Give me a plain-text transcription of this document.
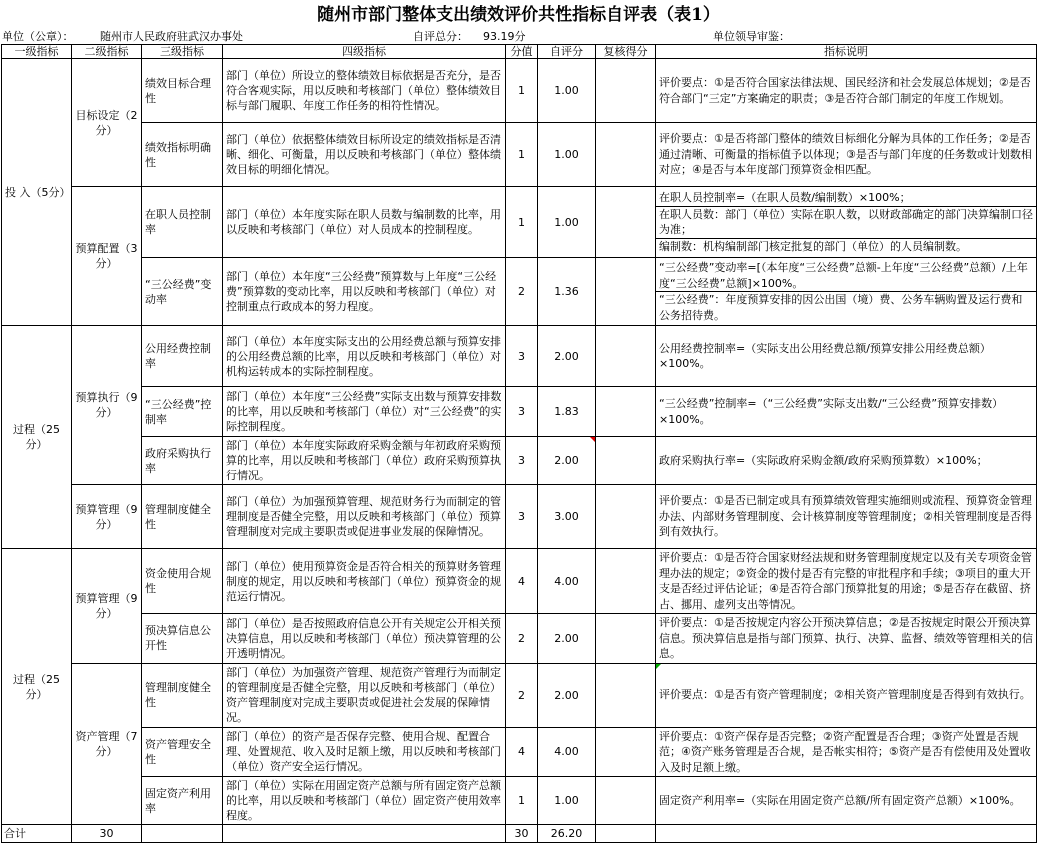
随州市部门整体支出绩效评价共性指标自评表（表1）
单位（公章）： 随州市人民政府驻武汉办事处	自评总分： 93.19分	单位领导审鉴：
一级指标	二级指标	三级指标	四级指标	分值	自评分	复核得分	指标说明
投 入（5分）	目标设定（2分）	绩效目标合理性	部门（单位）所设立的整体绩效目标依据是否充分，是否符合客观实际，用以反映和考核部门（单位）整体绩效目标与部门履职、年度工作任务的相符性情况。	1	1.00		评价要点：①是否符合国家法律法规、国民经济和社会发展总体规划；②是否符合部门“三定”方案确定的职责；③是否符合部门制定的年度工作规划。
		绩效指标明确性	部门（单位）依据整体绩效目标所设定的绩效指标是否清晰、细化、可衡量，用以反映和考核部门（单位）整体绩效目标的明细化情况。	1	1.00		评价要点：①是否将部门整体的绩效目标细化分解为具体的工作任务；②是否通过清晰、可衡量的指标值予以体现；③是否与部门年度的任务数或计划数相对应；④是否与本年度部门预算资金相匹配。
	预算配置（3分）	在职人员控制率	部门（单位）本年度实际在职人员数与编制数的比率，用以反映和考核部门（单位）对人员成本的控制程度。	1	1.00		在职人员控制率=（在职人员数/编制数）×100%；
在职人员数：部门（单位）实际在职人数，以财政部确定的部门决算编制口径为准；
编制数：机构编制部门核定批复的部门（单位）的人员编制数。

		“三公经费”变动率	部门（单位）本年度“三公经费”预算数与上年度“三公经费”预算数的变动比率，用以反映和考核部门（单位）对控制重点行政成本的努力程度。	2	1.36		“三公经费”变动率=[（本年度“三公经费”总额-上年度“三公经费”总额）/上年度“三公经费”总额]×100%。
“三公经费”：年度预算安排的因公出国（境）费、公务车辆购置及运行费和公务招待费。

过程（25分）	预算执行（9分）	公用经费控制率	部门（单位）本年度实际支出的公用经费总额与预算安排的公用经费总额的比率，用以反映和考核部门（单位）对机构运转成本的实际控制程度。	3	2.00		公用经费控制率=（实际支出公用经费总额/预算安排公用经费总额）×100%。
		“三公经费”控制率	部门（单位）本年度“三公经费”实际支出数与预算安排数的比率，用以反映和考核部门（单位）对“三公经费”的实际控制程度。	3	1.83		“三公经费”控制率=（“三公经费”实际支出数/“三公经费”预算安排数）×100%。
		政府采购执行率	部门（单位）本年度实际政府采购金额与年初政府采购预算的比率，用以反映和考核部门（单位）政府采购预算执行情况。	3	2.00		政府采购执行率=（实际政府采购金额/政府采购预算数）×100%；
	预算管理（9分）	管理制度健全性	部门（单位）为加强预算管理、规范财务行为而制定的管理制度是否健全完整，用以反映和考核部门（单位）预算管理制度对完成主要职责或促进事业发展的保障情况。	3	3.00		评价要点：①是否已制定或具有预算绩效管理实施细则或流程、预算资金管理办法、内部财务管理制度、会计核算制度等管理制度；②相关管理制度是否得到有效执行。
过程（25分）	预算管理（9分）	资金使用合规性	部门（单位）使用预算资金是否符合相关的预算财务管理制度的规定，用以反映和考核部门（单位）预算资金的规范运行情况。	4	4.00		评价要点：①是否符合国家财经法规和财务管理制度规定以及有关专项资金管理办法的规定；②资金的拨付是否有完整的审批程序和手续；③项目的重大开支是否经过评估论证；④是否符合部门预算批复的用途；⑤是否存在截留、挤占、挪用、虚列支出等情况。
		预决算信息公开性	部门（单位）是否按照政府信息公开有关规定公开相关预决算信息，用以反映和考核部门（单位）预决算管理的公开透明情况。	2	2.00		评价要点：①是否按规定内容公开预决算信息；②是否按规定时限公开预决算信息。预决算信息是指与部门预算、执行、决算、监督、绩效等管理相关的信息。
	资产管理（7分）	管理制度健全性	部门（单位）为加强资产管理、规范资产管理行为而制定的管理制度是否健全完整，用以反映和考核部门（单位）资产管理制度对完成主要职责或促进社会发展的保障情况。	2	2.00		评价要点：①是否有资产管理制度；②相关资产管理制度是否得到有效执行。
		资产管理安全性	部门（单位）的资产是否保存完整、使用合规、配置合理、处置规范、收入及时足额上缴，用以反映和考核部门（单位）资产安全运行情况。	4	4.00		评价要点：①资产保存是否完整；②资产配置是否合理；③资产处置是否规范；④资产账务管理是否合规，是否帐实相符；⑤资产是否有偿使用及处置收入及时足额上缴。
		固定资产利用率	部门（单位）实际在用固定资产总额与所有固定资产总额的比率，用以反映和考核部门（单位）固定资产使用效率程度。	1	1.00		固定资产利用率=（实际在用固定资产总额/所有固定资产总额）×100%。
合计	30			30	26.20		
